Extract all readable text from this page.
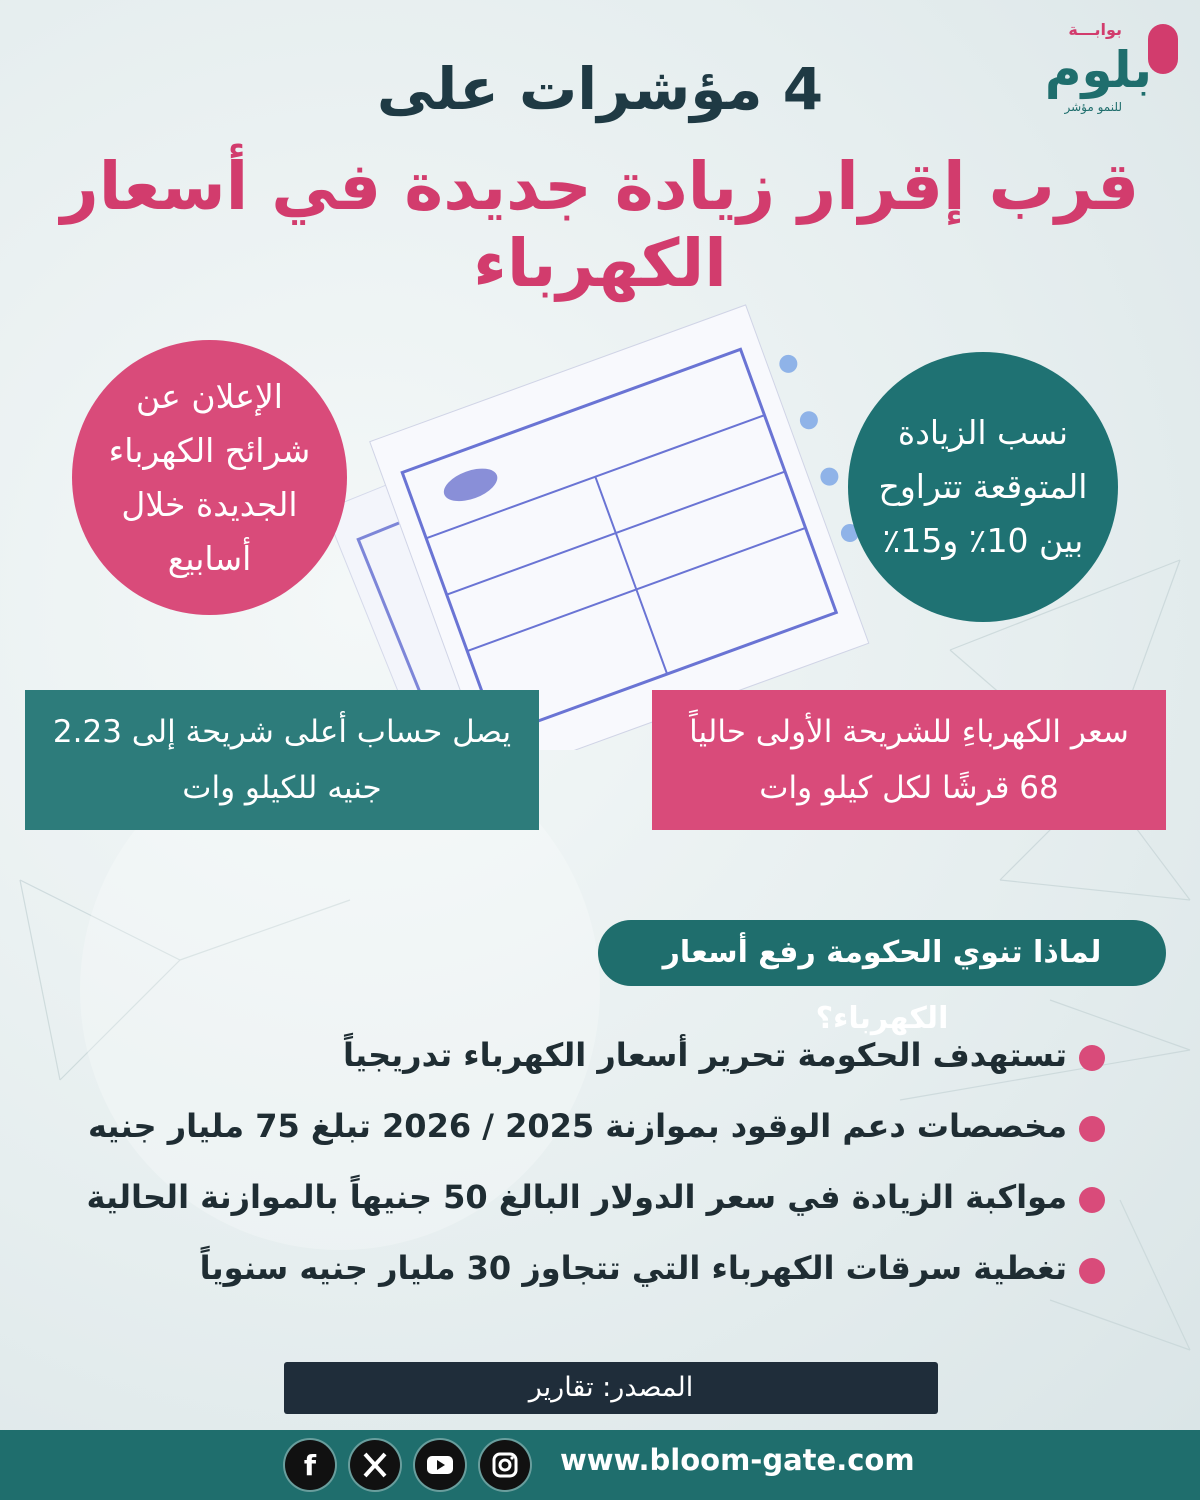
بوابـــة
بلوم
للنمو مؤشر
4 مؤشرات على
قرب إقرار زيادة جديدة في أسعار الكهرباء
الإعلان عن شرائح الكهرباء الجديدة خلال أسابيع
نسب الزيادة المتوقعة تتراوح بين 10٪ و15٪
يصل حساب أعلى شريحة إلى 2.23 جنيه للكيلو وات
سعر الكهرباءِ للشريحة الأولى حالياً 68 قرشًا لكل كيلو وات
لماذا تنوي الحكومة رفع أسعار الكهرباء؟
تستهدف الحكومة تحرير أسعار الكهرباء تدريجياً
مخصصات دعم الوقود بموازنة 2025 / 2026 تبلغ 75 مليار جنيه
مواكبة الزيادة في سعر الدولار البالغ 50 جنيهاً بالموازنة الحالية
تغطية سرقات الكهرباء التي تتجاوز 30 مليار جنيه سنوياً
المصدر: تقارير
f	www.bloom-gate.com
